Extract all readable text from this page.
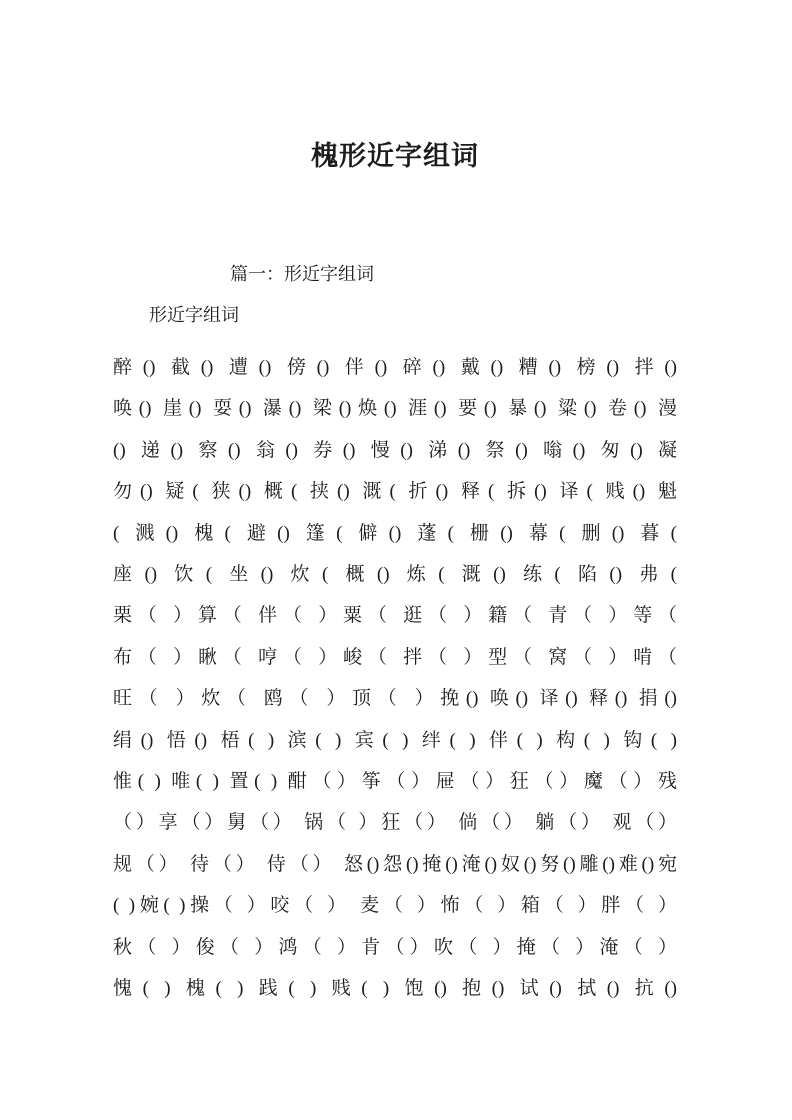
槐形近字组词
篇一：形近字组词
形近字组词
醉() 截() 遭() 傍() 伴() 碎() 戴() 糟() 榜() 拌()
唤() 崖() 耍() 瀑() 梁()焕() 涯() 要() 暴() 粱() 卷() 漫
() 递() 察() 翁() 券() 慢() 涕() 祭() 嗡() 匆() 凝
勿() 疑( 狭() 概( 挟() 溉( 折() 释( 拆() 译( 贱() 魁
( 溅() 槐( 避() 篷( 僻() 蓬( 栅() 幕( 删() 暮(
座() 饮( 坐() 炊( 概() 炼( 溉() 练( 陷() 弗(
栗（ ）算（ 伴（ ）粟（ 逛（ ）籍（ 青（ ）等（
布（ ）瞅（ 哼（ ）峻（ 拌（ ）型（ 窝（ ）啃（
旺（ ）炊（ 鸥（ ）顶（ ）挽() 唤() 译() 释() 捐()
绢() 悟() 梧( ) 滨( ) 宾( ) 绊( ) 伴( ) 构( ) 钩( )
惟( ) 唯( ) 置( ) 酣（）筝（）屉（）狂（）魔（）残
（）享（）舅（） 锅（ ）狂（） 倘（） 躺（） 观（）
规（） 待（） 侍（） 怒()怨()掩()淹()奴()努()雕()难()宛
( )婉( )操（ ）咬（ ） 麦（ ）怖（ ）箱（ ）胖（ ）
秋（ ）俊（ ）鸿（ ）肯（）吹（ ）掩（ ）淹（ ）
愧( ) 槐( ) 践( ) 贱( ) 饱() 抱() 试() 拭() 抗()
